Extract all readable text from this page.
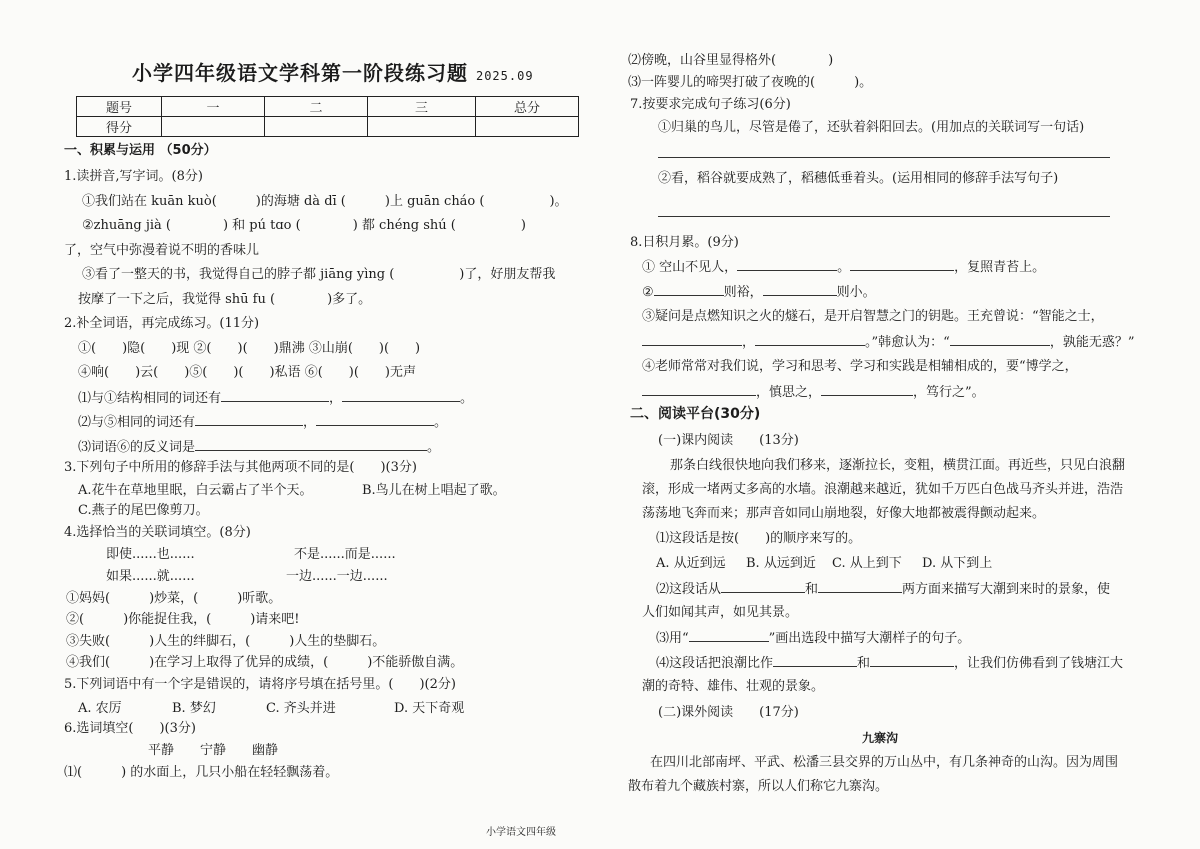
小学四年级语文学科第一阶段练习题 2025.09
题号	一	二	三	总分
得分				
一、积累与运用 （50分）
1.读拼音,写字词。(8分)
①我们站在 kuān kuò(　　　)的海塘 dà dī (　　　)上 guān cháo (　　　　　)。
②zhuāng jià (　　　　) 和 pú tɑo (　　　　) 都 chéng shú (　　　　　)
了，空气中弥漫着说不明的香味儿
③看了一整天的书，我觉得自己的脖子都 jiāng yìng (　　　　　)了，好朋友帮我
按摩了一下之后，我觉得 shū fu (　　　　)多了。
2.补全词语，再完成练习。(11分)
①(　　)隐(　　)现 ②(　　)(　　)鼎沸 ③山崩(　　)(　　)
④响(　　)云(　　)⑤(　　)(　　)私语 ⑥(　　)(　　)无声
⑴与①结构相同的词还有	，	。
⑵与⑤相同的词还有	，	。
⑶词语⑥的反义词是	。
3.下列句子中所用的修辞手法与其他两项不同的是(　　)(3分)
A.花牛在草地里眠，白云霸占了半个天。	B.鸟儿在树上唱起了歌。
C.燕子的尾巴像剪刀。
4.选择恰当的关联词填空。(8分)
即使......也......	不是......而是......
如果......就......	一边......一边......
①妈妈(　　　)炒菜，(　　　)听歌。
②(　　　)你能捉住我，(　　　)请来吧!
③失败(　　　)人生的绊脚石，(　　　)人生的垫脚石。
④我们(　　　)在学习上取得了优异的成绩，(　　　)不能骄傲自满。
5.下列词语中有一个字是错误的，请将序号填在括号里。(　　)(2分)
A. 农厉	B. 梦幻	C. 齐头并进	D. 天下奇观
6.选词填空(　　)(3分)
平静　　宁静　　幽静
⑴(　　　) 的水面上，几只小船在轻轻飘荡着。
⑵傍晚，山谷里显得格外(　　　　)
⑶一阵婴儿的啼哭打破了夜晚的(　　　)。
7.按要求完成句子练习(6分)
①归巢的鸟儿，尽管是倦了，还驮着斜阳回去。(用加点的关联词写一句话)
②看，稻谷就要成熟了，稻穗低垂着头。(运用相同的修辞手法写句子)
8.日积月累。(9分)
① 空山不见人，	。	，复照青苔上。
②	则裕，	则小。
③疑问是点燃知识之火的燧石，是开启智慧之门的钥匙。王充曾说：“智能之士，
，	。”韩愈认为：“	，孰能无惑？”
④老师常常对我们说，学习和思考、学习和实践是相辅相成的，要“博学之，
，慎思之，	，笃行之”。
二、阅读平台(30分)
(一)课内阅读　　(13分)
那条白线很快地向我们移来，逐渐拉长，变粗，横贯江面。再近些，只见白浪翻
滚，形成一堵两丈多高的水墙。浪潮越来越近，犹如千万匹白色战马齐头并进，浩浩
荡荡地飞奔而来；那声音如同山崩地裂，好像大地都被震得颤动起来。
⑴这段话是按(　　)的顺序来写的。
A. 从近到远 B. 从远到近 C. 从上到下 D. 从下到上
⑵这段话从	和	两方面来描写大潮到来时的景象，使
人们如闻其声，如见其景。
⑶用“	”画出选段中描写大潮样子的句子。
⑷这段话把浪潮比作	和	，让我们仿佛看到了钱塘江大
潮的奇特、雄伟、壮观的景象。
(二)课外阅读　　(17分)
九寨沟
在四川北部南坪、平武、松潘三县交界的万山丛中，有几条神奇的山沟。因为周围
散布着九个藏族村寨，所以人们称它九寨沟。
小学语文四年级
